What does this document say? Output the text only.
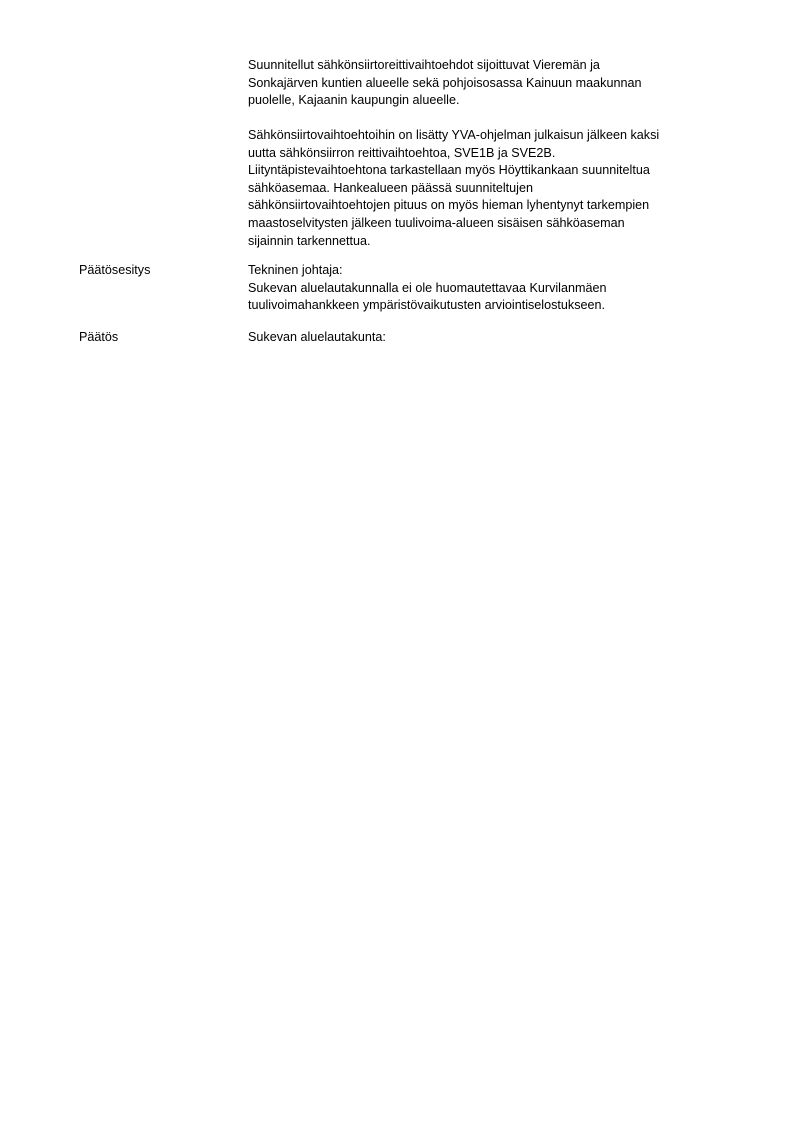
Suunnitellut sähkönsiirtoreittivaihtoehdot sijoittuvat Vieremän ja
Sonkajärven kuntien alueelle sekä pohjoisosassa Kainuun maakunnan
puolelle, Kajaanin kaupungin alueelle.
Sähkönsiirtovaihtoehtoihin on lisätty YVA-ohjelman julkaisun jälkeen kaksi
uutta sähkönsiirron reittivaihtoehtoa, SVE1B ja SVE2B.
Liityntäpistevaihtoehtona tarkastellaan myös Höyttikankaan suunniteltua
sähköasemaa. Hankealueen päässä suunniteltujen
sähkönsiirtovaihtoehtojen pituus on myös hieman lyhentynyt tarkempien
maastoselvitysten jälkeen tuulivoima-alueen sisäisen sähköaseman
sijainnin tarkennettua.
Päätösesitys	Tekninen johtaja:
Sukevan aluelautakunnalla ei ole huomautettavaa Kurvilanmäen
tuulivoimahankkeen ympäristövaikutusten arviointiselostukseen.
Päätös	Sukevan aluelautakunta:
